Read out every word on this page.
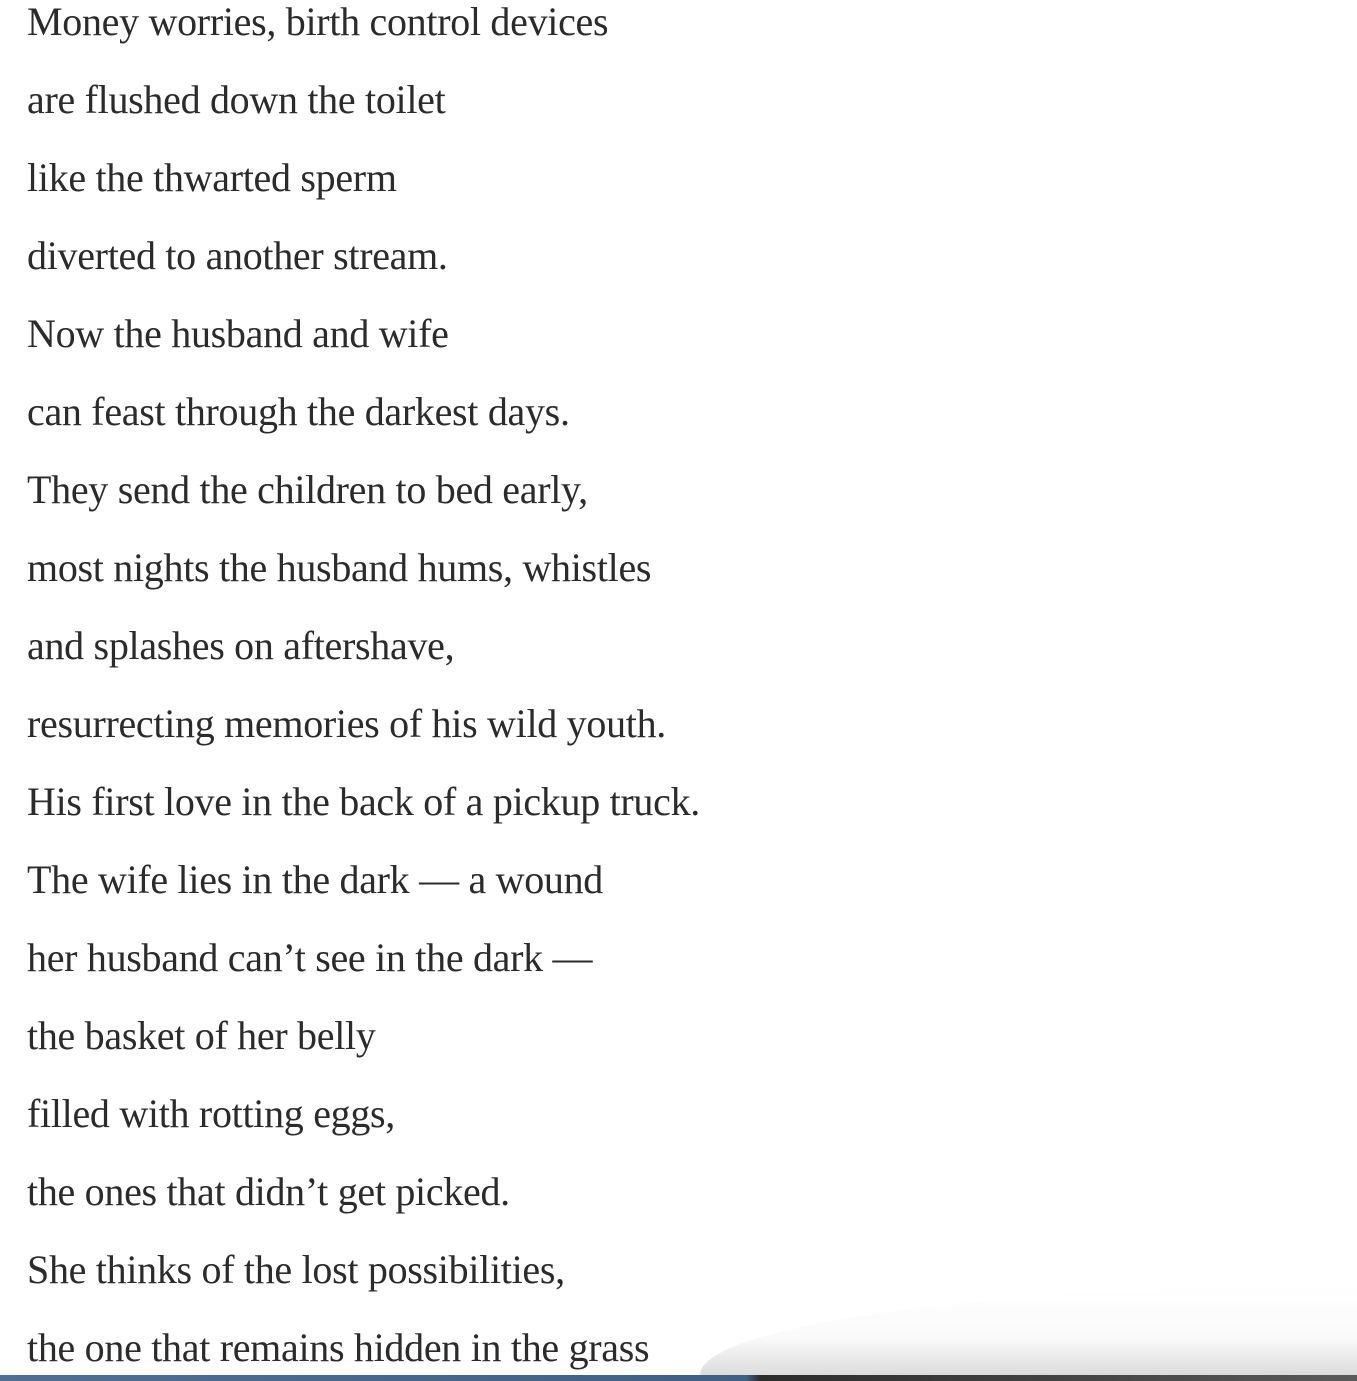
Money worries, birth control devices
are flushed down the toilet
like the thwarted sperm
diverted to another stream.
Now the husband and wife
can feast through the darkest days.
They send the children to bed early,
most nights the husband hums, whistles
and splashes on aftershave,
resurrecting memories of his wild youth.
His first love in the back of a pickup truck.
The wife lies in the dark — a wound
her husband can’t see in the dark —
the basket of her belly
filled with rotting eggs,
the ones that didn’t get picked.
She thinks of the lost possibilities,
the one that remains hidden in the grass
